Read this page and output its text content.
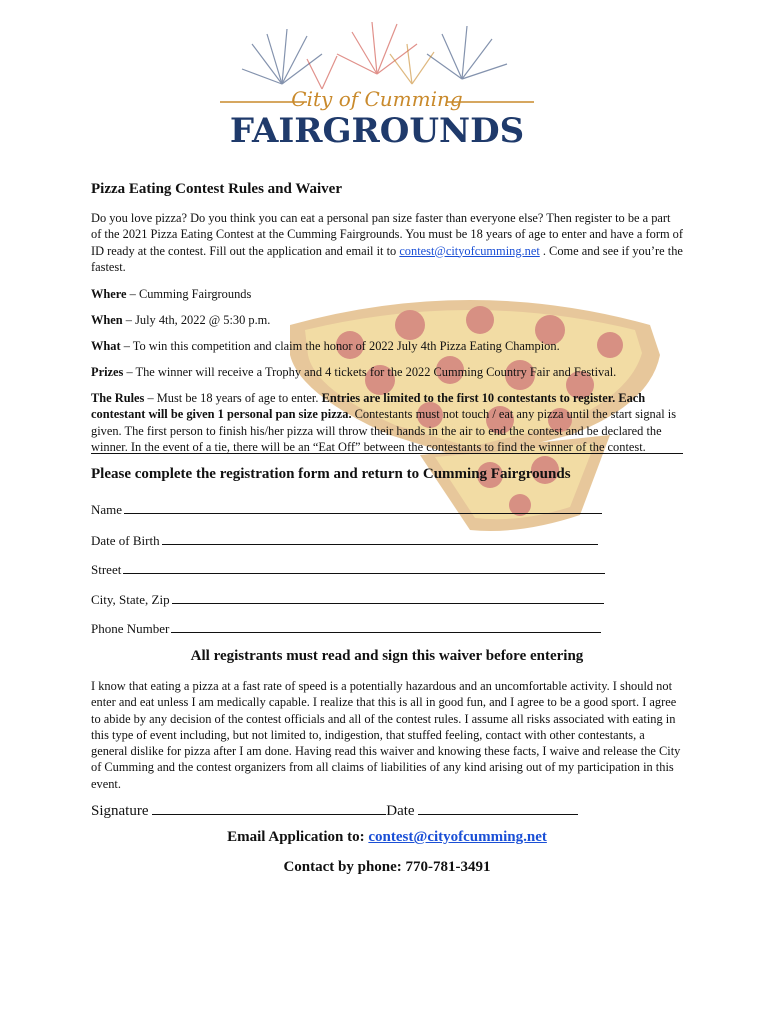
City of Cumming
FAIRGROUNDS
Pizza Eating Contest Rules and Waiver
Do you love pizza? Do you think you can eat a personal pan size faster than everyone else? Then register to be a part of the 2021 Pizza Eating Contest at the Cumming Fairgrounds. You must be 18 years of age to enter and have a form of ID ready at the contest. Fill out the application and email it to contest@cityofcumming.net . Come and see if you’re the fastest.
Where – Cumming Fairgrounds
When – July 4th, 2022 @ 5:30 p.m.
What – To win this competition and claim the honor of 2022 July 4th Pizza Eating Champion.
Prizes – The winner will receive a Trophy and 4 tickets for the 2022 Cumming Country Fair and Festival.
The Rules – Must be 18 years of age to enter. Entries are limited to the first 10 contestants to register. Each contestant will be given 1 personal pan size pizza. Contestants must not touch / eat any pizza until the start signal is given. The first person to finish his/her pizza will throw their hands in the air to end the contest and be declared the winner. In the event of a tie, there will be an “Eat Off” between the contestants to find the winner of the contest.
Please complete the registration form and return to Cumming Fairgrounds
Name
Date of Birth
Street
City, State, Zip
Phone Number
All registrants must read and sign this waiver before entering
I know that eating a pizza at a fast rate of speed is a potentially hazardous and an uncomfortable activity. I should not enter and eat unless I am medically capable. I realize that this is all in good fun, and I agree to be a good sport. I agree to abide by any decision of the contest officials and all of the contest rules. I assume all risks associated with eating in this type of event including, but not limited to, indigestion, that stuffed feeling, contact with other contestants, a general dislike for pizza after I am done. Having read this waiver and knowing these facts, I waive and release the City of Cumming and the contest organizers from all claims of liabilities of any kind arising out of my participation in this event.
Signature	Date
Email Application to: contest@cityofcumming.net
Contact by phone: 770-781-3491
